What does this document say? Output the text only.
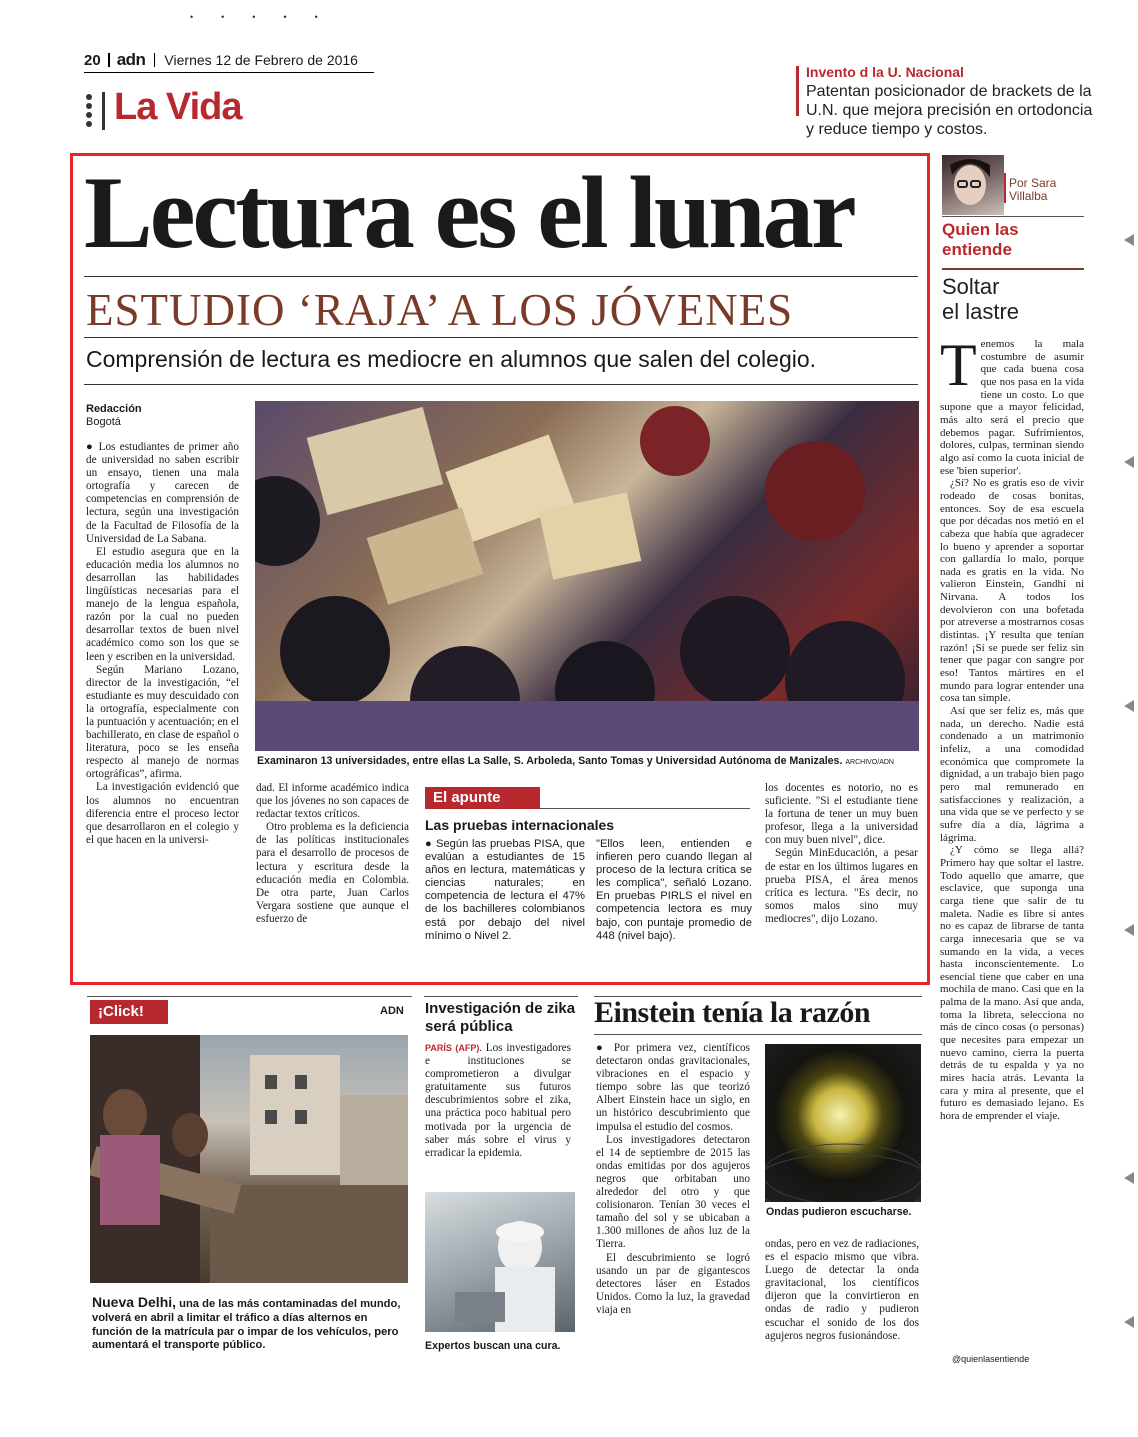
•••••
20 adn Viernes 12 de Febrero de 2016
La Vida
Invento d la U. Nacional
Patentan posicionador de brackets de la U.N. que mejora precisión en ortodoncia y reduce tiempo y costos.
Lectura es el lunar
ESTUDIO ‘RAJA’ A LOS JÓVENES
Comprensión de lectura es mediocre en alumnos que salen del colegio.
Redacción
Bogotá

● Los estudiantes de primer año de universidad no saben escribir un ensayo, tienen una mala ortografía y carecen de competencias en comprensión de lectura, según una investigación de la Facultad de Filosofía de la Universidad de La Sabana.

El estudio asegura que en la educación media los alumnos no desarrollan las habilidades lingüísticas necesarias para el manejo de la lengua española, razón por la cual no pueden desarrollar textos de buen nivel académico como son los que se leen y escriben en la universidad.

Según Mariano Lozano, director de la investigación, “el estudiante es muy descuidado con la ortografía, especialmente con la puntuación y acentuación; en el bachillerato, en clase de español o literatura, poco se les enseña respecto al manejo de normas ortográficas”, afirma.

La investigación evidenció que los alumnos no encuentran diferencia entre el proceso lector que desarrollaron en el colegio y el que hacen en la universi-

Examinaron 13 universidades, entre ellas La Salle, S. Arboleda, Santo Tomas y Universidad Autónoma de Manizales. ARCHIVO/ADN

dad. El informe académico indica que los jóvenes no son capaces de redactar textos críticos.

Otro problema es la deficiencia de las políticas institucionales para el desarrollo de procesos de lectura y escritura desde la educación media en Colombia. De otra parte, Juan Carlos Vergara sostiene que aunque el esfuerzo de

El apunte
Las pruebas internacionales

● Según las pruebas PISA, que evalúan a estudiantes de 15 años en lectura, matemáticas y ciencias naturales; en competencia de lectura el 47% de los bachilleres colombianos está por debajo del nivel mínimo o Nivel 2.

"Ellos leen, entienden e infieren pero cuando llegan al proceso de la lectura crítica se les complica", señaló Lozano. En pruebas PIRLS el nivel en competencia lectora es muy bajo, con puntaje promedio de 448 (nivel bajo).

los docentes es notorio, no es suficiente. "Si el estudiante tiene la fortuna de tener un muy buen profesor, llega a la universidad con muy buen nivel", dice.

Según MinEducación, a pesar de estar en los últimos lugares en prueba PISA, el área menos crítica es lectura. "Es decir, no somos malos sino muy mediocres", dijo Lozano.

Por Sara
Villalba
Quien las
entiende
Soltar
el lastre

Tenemos la mala costumbre de asumir que cada buena cosa que nos pasa en la vida tiene un costo. Lo que supone que a mayor felicidad, más alto será el precio que debemos pagar. Sufrimientos, dolores, culpas, terminan siendo algo así como la cuota inicial de ese 'bien superior'.

¿Sí? No es gratis eso de vivir rodeado de cosas bonitas, entonces. Soy de esa escuela que por décadas nos metió en el cabeza que había que agradecer lo bueno y aprender a soportar con gallardía lo malo, porque nada es gratis en la vida. No valieron Einstein, Gandhi ni Nirvana. A todos los devolvieron con una bofetada por atreverse a mostrarnos cosas distintas. ¡Y resulta que tenían razón! ¡Sí se puede ser feliz sin tener que pagar con sangre por eso! Tantos mártires en el mundo para lograr entender una cosa tan simple.

Así que ser feliz es, más que nada, un derecho. Nadie está condenado a un matrimonio infeliz, a una comodidad económica que compromete la dignidad, a un trabajo bien pago pero mal remunerado en satisfacciones y realización, a una vida que se ve perfecto y se sufre día a día, lágrima a lágrima.

¿Y cómo se llega allá? Primero hay que soltar el lastre. Todo aquello que amarre, que esclavice, que suponga una carga tiene que salir de tu maleta. Nadie es libre si antes no es capaz de librarse de tanta carga innecesaria que se va sumando en la vida, a veces hasta inconscientemente. Lo esencial tiene que caber en una mochila de mano. Casi que en la palma de la mano. Así que anda, toma la libreta, selecciona no más de cinco cosas (o personas) que necesites para empezar un nuevo camino, cierra la puerta detrás de tu espalda y ya no mires hacia atrás. Levanta la cara y mira al presente, que el futuro es demasiado lejano. Es hora de emprender el viaje.

@quienlasentiende
¡Click!	ADN
Nueva Delhi, una de las más contaminadas del mundo, volverá en abril a limitar el tráfico a días alternos en función de la matrícula par o impar de los vehículos, pero aumentará el transporte público.
Investigación de zika será pública

PARÍS (AFP). Los investigadores e instituciones se comprometieron a divulgar gratuitamente sus futuros descubrimientos sobre el zika, una práctica poco habitual pero motivada por la urgencia de saber más sobre el virus y erradicar la epidemia.

Expertos buscan una cura.
Einstein tenía la razón

● Por primera vez, científicos detectaron ondas gravitacionales, vibraciones en el espacio y tiempo sobre las que teorizó Albert Einstein hace un siglo, en un histórico descubrimiento que impulsa el estudio del cosmos.

Los investigadores detectaron el 14 de septiembre de 2015 las ondas emitidas por dos agujeros negros que orbitaban uno alrededor del otro y que colisionaron. Tenían 30 veces el tamaño del sol y se ubicaban a 1.300 millones de años luz de la Tierra.

El descubrimiento se logró usando un par de gigantescos detectores láser en Estados Unidos. Como la luz, la gravedad viaja en

Ondas pudieron escucharse.

ondas, pero en vez de radiaciones, es el espacio mismo que vibra. Luego de detectar la onda gravitacional, los científicos dijeron que la convirtieron en ondas de radio y pudieron escuchar el sonido de los dos agujeros negros fusionándose.
